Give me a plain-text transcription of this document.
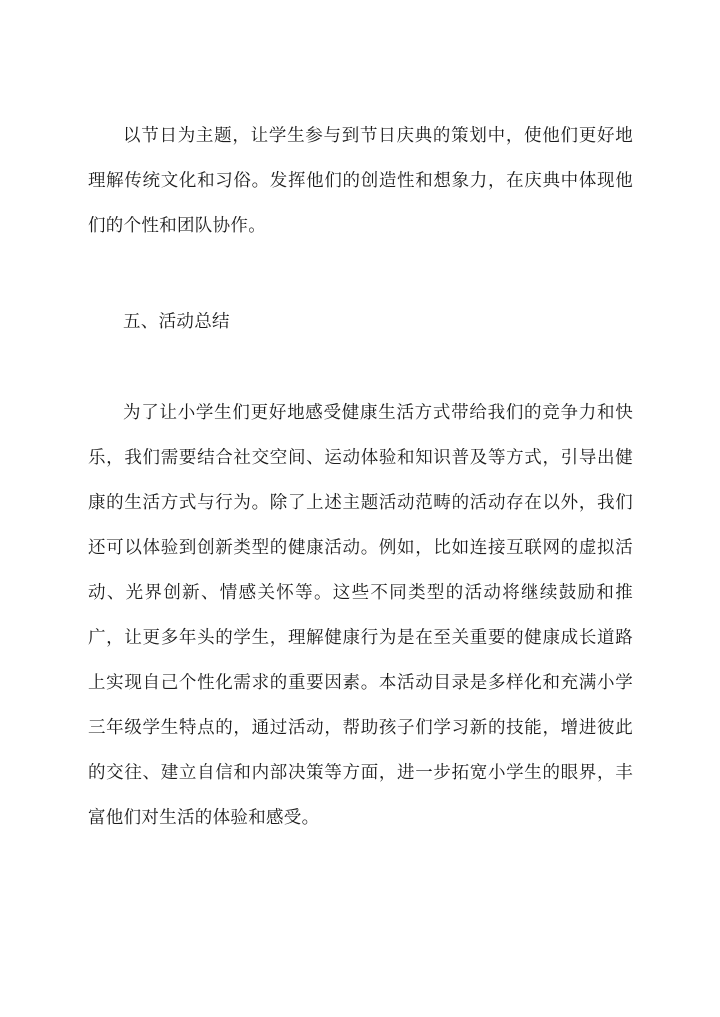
以节日为主题，让学生参与到节日庆典的策划中，使他们更好地理解传统文化和习俗。发挥他们的创造性和想象力，在庆典中体现他们的个性和团队协作。

五、活动总结

为了让小学生们更好地感受健康生活方式带给我们的竞争力和快乐，我们需要结合社交空间、运动体验和知识普及等方式，引导出健康的生活方式与行为。除了上述主题活动范畴的活动存在以外，我们还可以体验到创新类型的健康活动。例如，比如连接互联网的虚拟活动、光界创新、情感关怀等。这些不同类型的活动将继续鼓励和推广，让更多年头的学生，理解健康行为是在至关重要的健康成长道路上实现自己个性化需求的重要因素。本活动目录是多样化和充满小学三年级学生特点的，通过活动，帮助孩子们学习新的技能，增进彼此的交往、建立自信和内部决策等方面，进一步拓宽小学生的眼界，丰富他们对生活的体验和感受。
